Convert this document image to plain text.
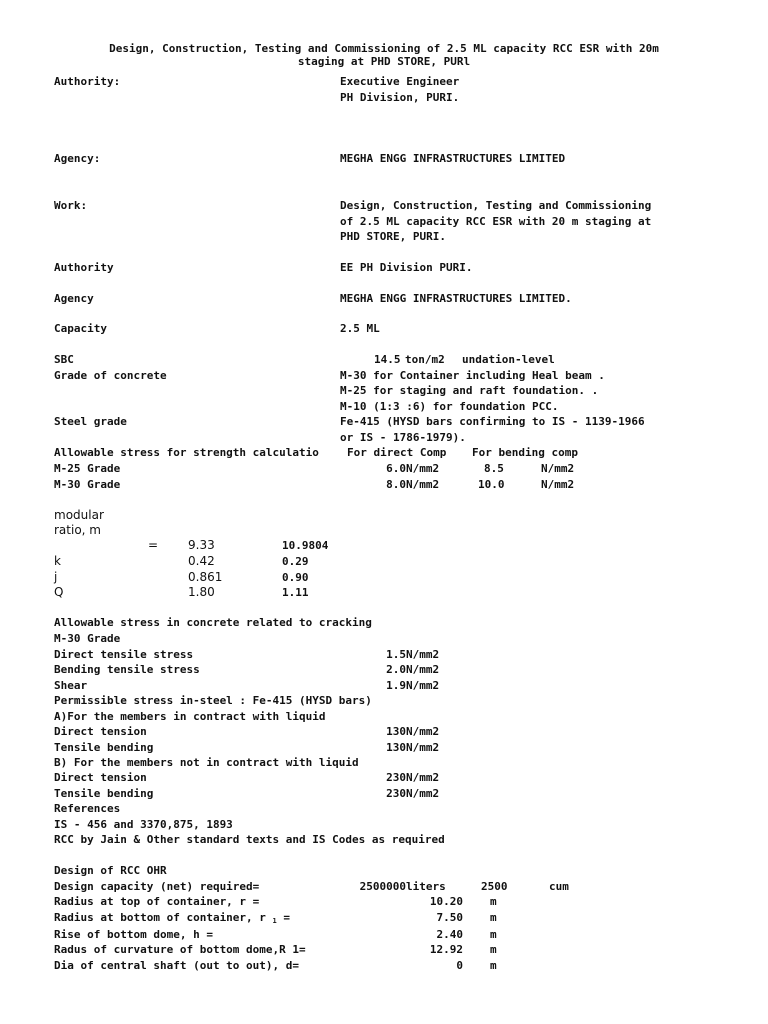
Design, Construction, Testing and Commissioning of 2.5 ML capacity RCC ESR with 20m
staging at PHD STORE, PURl
Authority:	Executive Engineer
PH Division, PURI.
Agency:	MEGHA ENGG INFRASTRUCTURES LIMITED
Work:	Design, Construction, Testing and Commissioning
of 2.5 ML capacity RCC ESR with 20 m staging at
PHD STORE, PURI.
Authority	EE PH Division PURI.
Agency	MEGHA ENGG INFRASTRUCTURES LIMITED.
Capacity	2.5 ML
SBC	14.5 ton/m2 undation-level
Grade of concrete	M-30 for Container including Heal beam .
M-25 for staging and raft foundation. .
M-10 (1:3 :6) for foundation PCC.
Steel grade	Fe-415 (HYSD bars confirming to IS - 1139-1966
or IS - 1786-1979).
Allowable stress for strength calculatio	For direct Comp For bending comp
M-25 Grade	6.0 N/mm2	8.5	N/mm2
M-30 Grade	8.0 N/mm2	10.0	N/mm2
modular
ratio, m
= 9.33	10.9804
k	0.42	0.29
j	0.861	0.90
Q	1.80	1.11
Allowable stress in concrete related to cracking
M-30 Grade
Direct tensile stress	1.5 N/mm2
Bending tensile stress	2.0 N/mm2
Shear	1.9 N/mm2
Permissible stress in-steel : Fe-415 (HYSD bars)
A)For the members in contract with liquid
Direct tension	130 N/mm2
Tensile bending	130 N/mm2
B) For the members not in contract with liquid
Direct tension	230 N/mm2
Tensile bending	230 N/mm2
References
IS - 456 and 3370,875, 1893
RCC by Jain & Other standard texts and IS Codes as required
Design of RCC OHR
Design capacity (net) required=	2500000 liters	2500	cum
Radius at top of container, r =	10.20 m
Radius at bottom of container, r $_1$ =	7.50 m
Rise of bottom dome, h =	2.40 m
Radus of curvature of bottom dome,R 1=	12.92 m
Dia of central shaft (out to out), d=	0 m
